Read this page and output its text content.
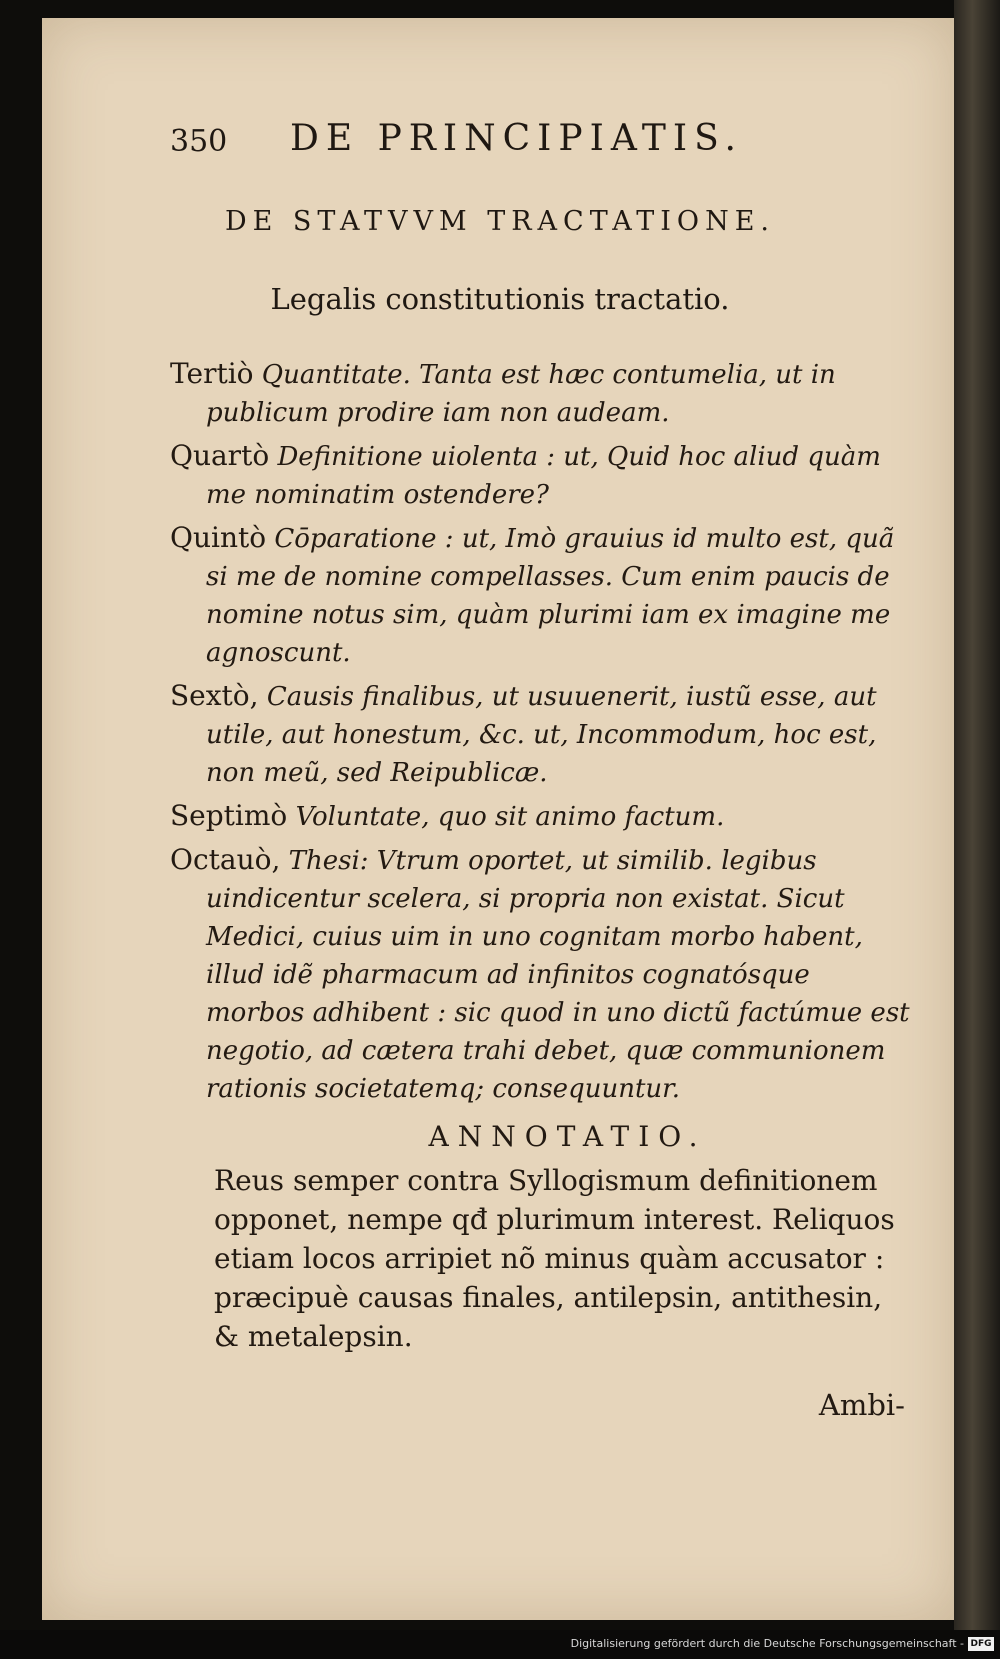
350 DE PRINCIPIATIS.
DE STATVVM TRACTATIONE.
Legalis constitutionis tractatio.

Tertiò Quantitate. Tanta est hæc contumelia, ut in publicum prodire iam non audeam.

Quartò Definitione uiolenta : ut, Quid hoc aliud quàm me nominatim ostendere?

Quintò Cōparatione : ut, Imò grauius id multo est, quã si me de nomine compellasses. Cum enim paucis de nomine notus sim, quàm plurimi iam ex imagine me agnoscunt.

Sextò, Causis finalibus, ut usuuenerit, iustũ esse, aut utile, aut honestum, &c. ut, Incommodum, hoc est, non meũ, sed Reipublicæ.

Septimò Voluntate, quo sit animo factum.

Octauò, Thesi: Vtrum oportet, ut similib. legibus uindicentur scelera, si propria non existat. Sicut Medici, cuius uim in uno cognitam morbo habent, illud idẽ pharmacum ad infinitos cognatósque morbos adhibent : sic quod in uno dictũ factúmue est negotio, ad cætera trahi debet, quæ communionem rationis societatemq; consequuntur.

ANNOTATIO.

Reus semper contra Syllogismum definitionem opponet, nempe qđ plurimum interest. Reliquos etiam locos arripiet nõ minus quàm accusator : præcipuè causas finales, antilepsin, antithesin, & metalepsin.

Ambi-
Digitalisierung gefördert durch die Deutsche Forschungsgemeinschaft - DFG
